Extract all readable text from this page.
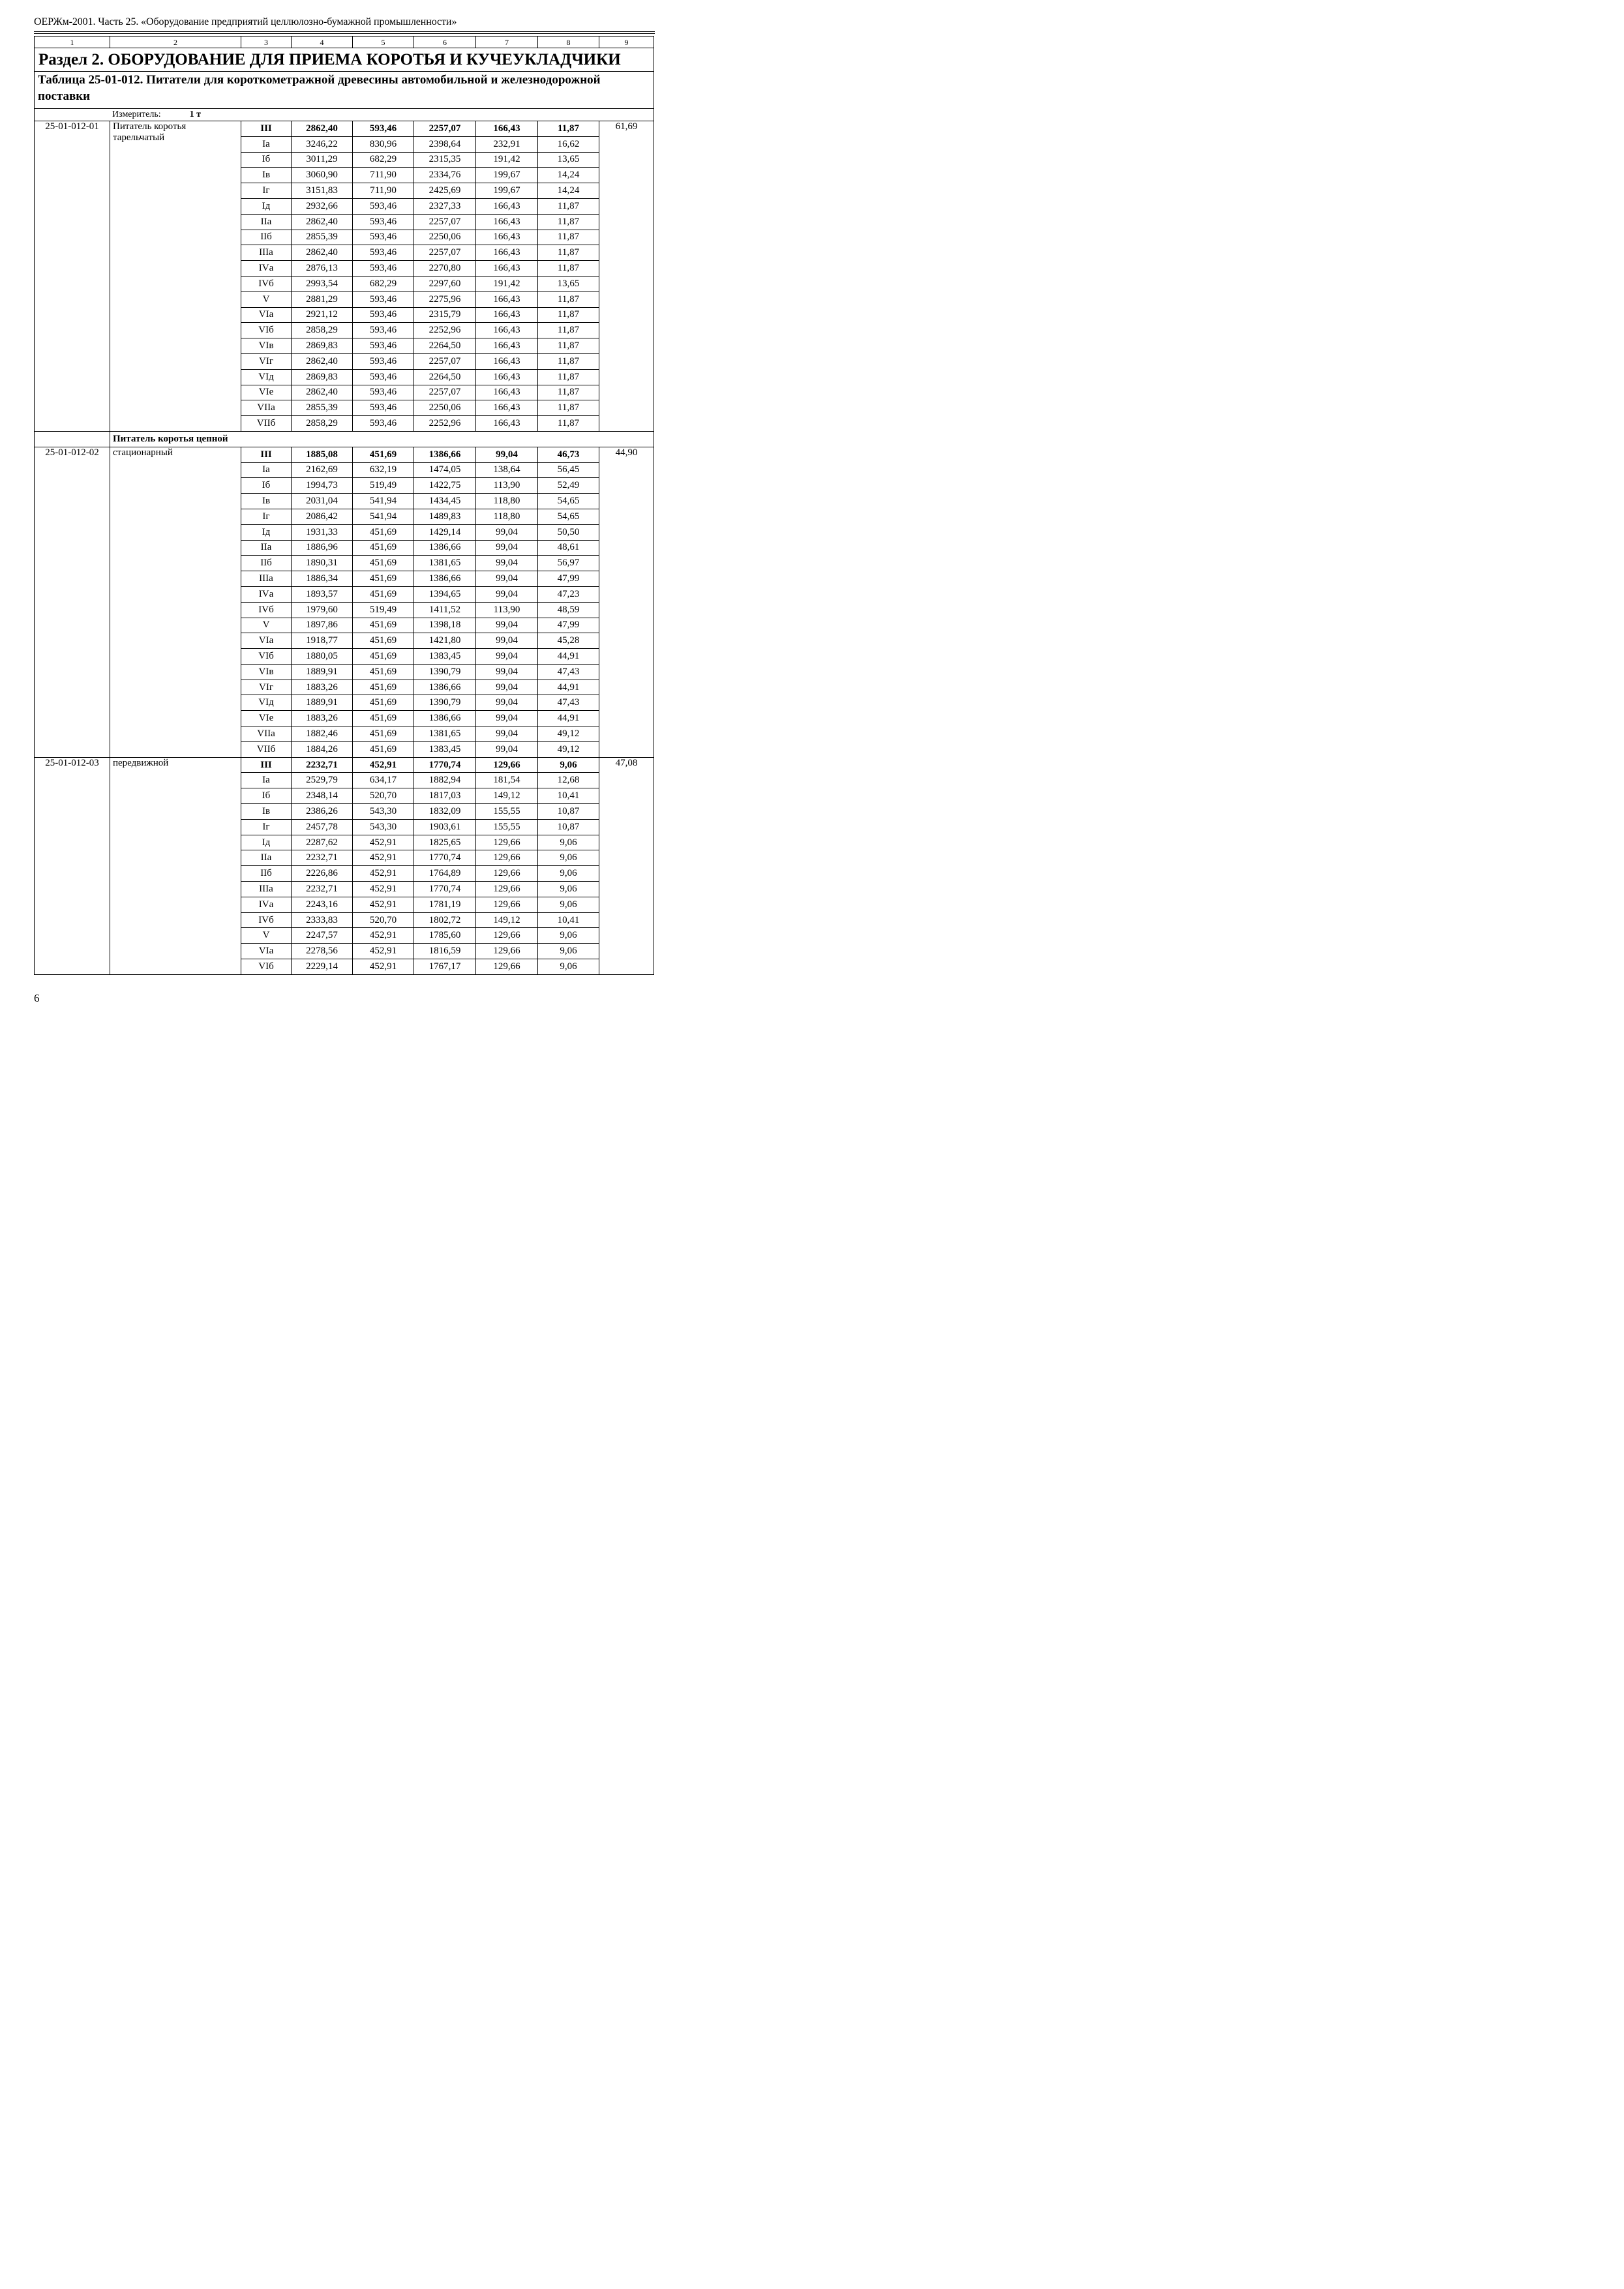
ОЕРЖм-2001. Часть 25. «Оборудование предприятий целлюлозно-бумажной промышленности»
1	2	3	4	5	6	7	8	9
Раздел 2. ОБОРУДОВАНИЕ ДЛЯ ПРИЕМА КОРОТЬЯ И КУЧЕУКЛАДЧИКИ								
Таблица 25-01-012. Питатели для короткометражной древесины автомобильной и железнодорожной поставки								
Измеритель: 1 т								
25-01-012-01	Питатель коротья тарельчатый	III	2862,40	593,46	2257,07	166,43	11,87	61,69
		Iа	3246,22	830,96	2398,64	232,91	16,62	
		Iб	3011,29	682,29	2315,35	191,42	13,65	
		Iв	3060,90	711,90	2334,76	199,67	14,24	
		Iг	3151,83	711,90	2425,69	199,67	14,24	
		Iд	2932,66	593,46	2327,33	166,43	11,87	
		IIа	2862,40	593,46	2257,07	166,43	11,87	
		IIб	2855,39	593,46	2250,06	166,43	11,87	
		IIIа	2862,40	593,46	2257,07	166,43	11,87	
		IVа	2876,13	593,46	2270,80	166,43	11,87	
		IVб	2993,54	682,29	2297,60	191,42	13,65	
		V	2881,29	593,46	2275,96	166,43	11,87	
		VIа	2921,12	593,46	2315,79	166,43	11,87	
		VIб	2858,29	593,46	2252,96	166,43	11,87	
		VIв	2869,83	593,46	2264,50	166,43	11,87	
		VIг	2862,40	593,46	2257,07	166,43	11,87	
		VIд	2869,83	593,46	2264,50	166,43	11,87	
		VIе	2862,40	593,46	2257,07	166,43	11,87	
		VIIа	2855,39	593,46	2250,06	166,43	11,87	
		VIIб	2858,29	593,46	2252,96	166,43	11,87	
	Питатель коротья цепной							
25-01-012-02	стационарный	III	1885,08	451,69	1386,66	99,04	46,73	44,90
		Iа	2162,69	632,19	1474,05	138,64	56,45	
		Iб	1994,73	519,49	1422,75	113,90	52,49	
		Iв	2031,04	541,94	1434,45	118,80	54,65	
		Iг	2086,42	541,94	1489,83	118,80	54,65	
		Iд	1931,33	451,69	1429,14	99,04	50,50	
		IIа	1886,96	451,69	1386,66	99,04	48,61	
		IIб	1890,31	451,69	1381,65	99,04	56,97	
		IIIа	1886,34	451,69	1386,66	99,04	47,99	
		IVа	1893,57	451,69	1394,65	99,04	47,23	
		IVб	1979,60	519,49	1411,52	113,90	48,59	
		V	1897,86	451,69	1398,18	99,04	47,99	
		VIа	1918,77	451,69	1421,80	99,04	45,28	
		VIб	1880,05	451,69	1383,45	99,04	44,91	
		VIв	1889,91	451,69	1390,79	99,04	47,43	
		VIг	1883,26	451,69	1386,66	99,04	44,91	
		VIд	1889,91	451,69	1390,79	99,04	47,43	
		VIе	1883,26	451,69	1386,66	99,04	44,91	
		VIIа	1882,46	451,69	1381,65	99,04	49,12	
		VIIб	1884,26	451,69	1383,45	99,04	49,12	
25-01-012-03	передвижной	III	2232,71	452,91	1770,74	129,66	9,06	47,08
		Iа	2529,79	634,17	1882,94	181,54	12,68	
		Iб	2348,14	520,70	1817,03	149,12	10,41	
		Iв	2386,26	543,30	1832,09	155,55	10,87	
		Iг	2457,78	543,30	1903,61	155,55	10,87	
		Iд	2287,62	452,91	1825,65	129,66	9,06	
		IIа	2232,71	452,91	1770,74	129,66	9,06	
		IIб	2226,86	452,91	1764,89	129,66	9,06	
		IIIа	2232,71	452,91	1770,74	129,66	9,06	
		IVа	2243,16	452,91	1781,19	129,66	9,06	
		IVб	2333,83	520,70	1802,72	149,12	10,41	
		V	2247,57	452,91	1785,60	129,66	9,06	
		VIа	2278,56	452,91	1816,59	129,66	9,06	
		VIб	2229,14	452,91	1767,17	129,66	9,06	
6
